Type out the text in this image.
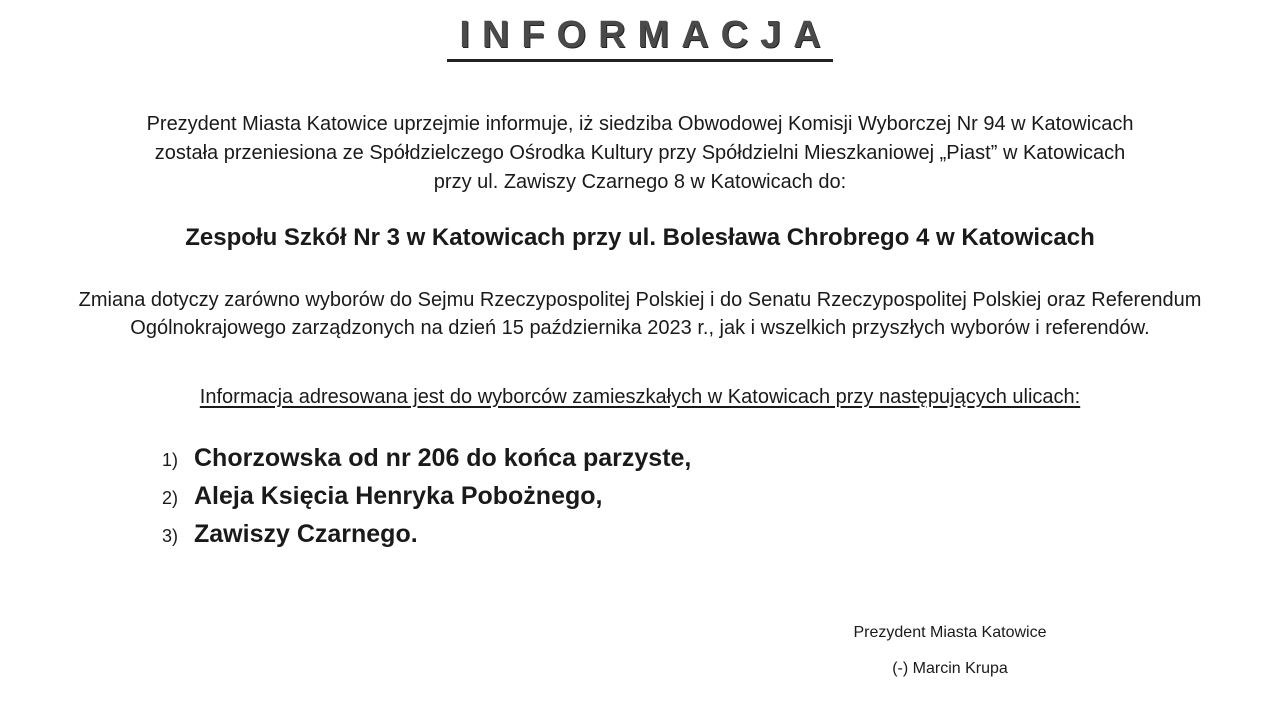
INFORMACJA
Prezydent Miasta Katowice uprzejmie informuje, iż siedziba Obwodowej Komisji Wyborczej Nr 94 w Katowicach
została przeniesiona ze Spółdzielczego Ośrodka Kultury przy Spółdzielni Mieszkaniowej „Piast” w Katowicach
przy ul. Zawiszy Czarnego 8 w Katowicach do:
Zespołu Szkół Nr 3 w Katowicach przy ul. Bolesława Chrobrego 4 w Katowicach
Zmiana dotyczy zarówno wyborów do Sejmu Rzeczypospolitej Polskiej i do Senatu Rzeczypospolitej Polskiej oraz Referendum
Ogólnokrajowego zarządzonych na dzień 15 października 2023 r., jak i wszelkich przyszłych wyborów i referendów.
Informacja adresowana jest do wyborców zamieszkałych w Katowicach przy następujących ulicach:
1) Chorzowska od nr 206 do końca parzyste,
2) Aleja Księcia Henryka Pobożnego,
3) Zawiszy Czarnego.
Prezydent Miasta Katowice
(-) Marcin Krupa
